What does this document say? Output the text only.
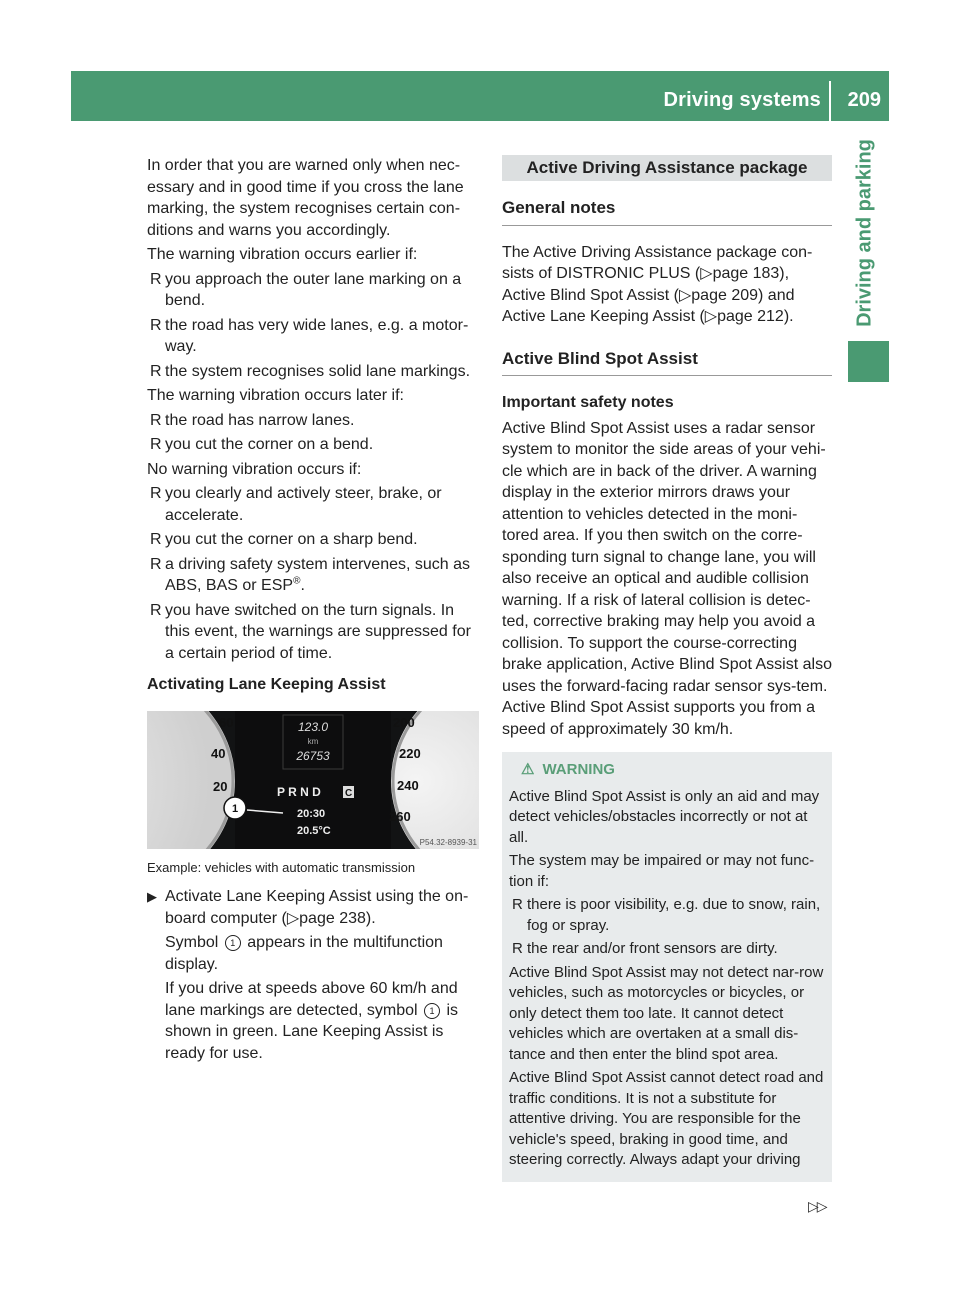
Driving systems 209
Driving and parking

In order that you are warned only when nec-essary and in good time if you cross the lane marking, the system recognises certain con-ditions and warns you accordingly.

The warning vibration occurs earlier if:

R you approach the outer lane marking on a bend.
R the road has very wide lanes, e.g. a motor-way.
R the system recognises solid lane markings.

The warning vibration occurs later if:

R the road has narrow lanes.
R you cut the corner on a bend.

No warning vibration occurs if:

R you clearly and actively steer, brake, or accelerate.
R you cut the corner on a sharp bend.
R a driving safety system intervenes, such as ABS, BAS or ESP®.
R you have switched on the turn signals. In this event, the warnings are suppressed for a certain period of time.
Activating Lane Keeping Assist
60
40
20
200
220
240
260
123.0
km
26753
P R N D C
20:30
20.5°C
1
P54.32-8939-31
Example: vehicles with automatic transmission
▶ Activate Lane Keeping Assist using the on-board computer (▷page 238).

Symbol 1 appears in the multifunction display.

If you drive at speeds above 60 km/h and lane markings are detected, symbol 1 is shown in green. Lane Keeping Assist is ready for use.

Active Driving Assistance package
General notes

The Active Driving Assistance package con-sists of DISTRONIC PLUS (▷page 183), Active Blind Spot Assist (▷page 209) and Active Lane Keeping Assist (▷page 212).

Active Blind Spot Assist
Important safety notes

Active Blind Spot Assist uses a radar sensor system to monitor the side areas of your vehi-cle which are in back of the driver. A warning display in the exterior mirrors draws your attention to vehicles detected in the moni-tored area. If you then switch on the corre-sponding turn signal to change lane, you will also receive an optical and audible collision warning. If a risk of lateral collision is detec-ted, corrective braking may help you avoid a collision. To support the course-correcting brake application, Active Blind Spot Assist also uses the forward-facing radar sensor sys-tem. Active Blind Spot Assist supports you from a speed of approximately 30 km/h.

⚠ WARNING

Active Blind Spot Assist is only an aid and may detect vehicles/obstacles incorrectly or not at all.

The system may be impaired or may not func-tion if:

R there is poor visibility, e.g. due to snow, rain, fog or spray.
R the rear and/or front sensors are dirty.

Active Blind Spot Assist may not detect nar-row vehicles, such as motorcycles or bicycles, or only detect them too late. It cannot detect vehicles which are overtaken at a small dis-tance and then enter the blind spot area.

Active Blind Spot Assist cannot detect road and traffic conditions. It is not a substitute for attentive driving. You are responsible for the vehicle's speed, braking in good time, and steering correctly. Always adapt your driving

▷▷
